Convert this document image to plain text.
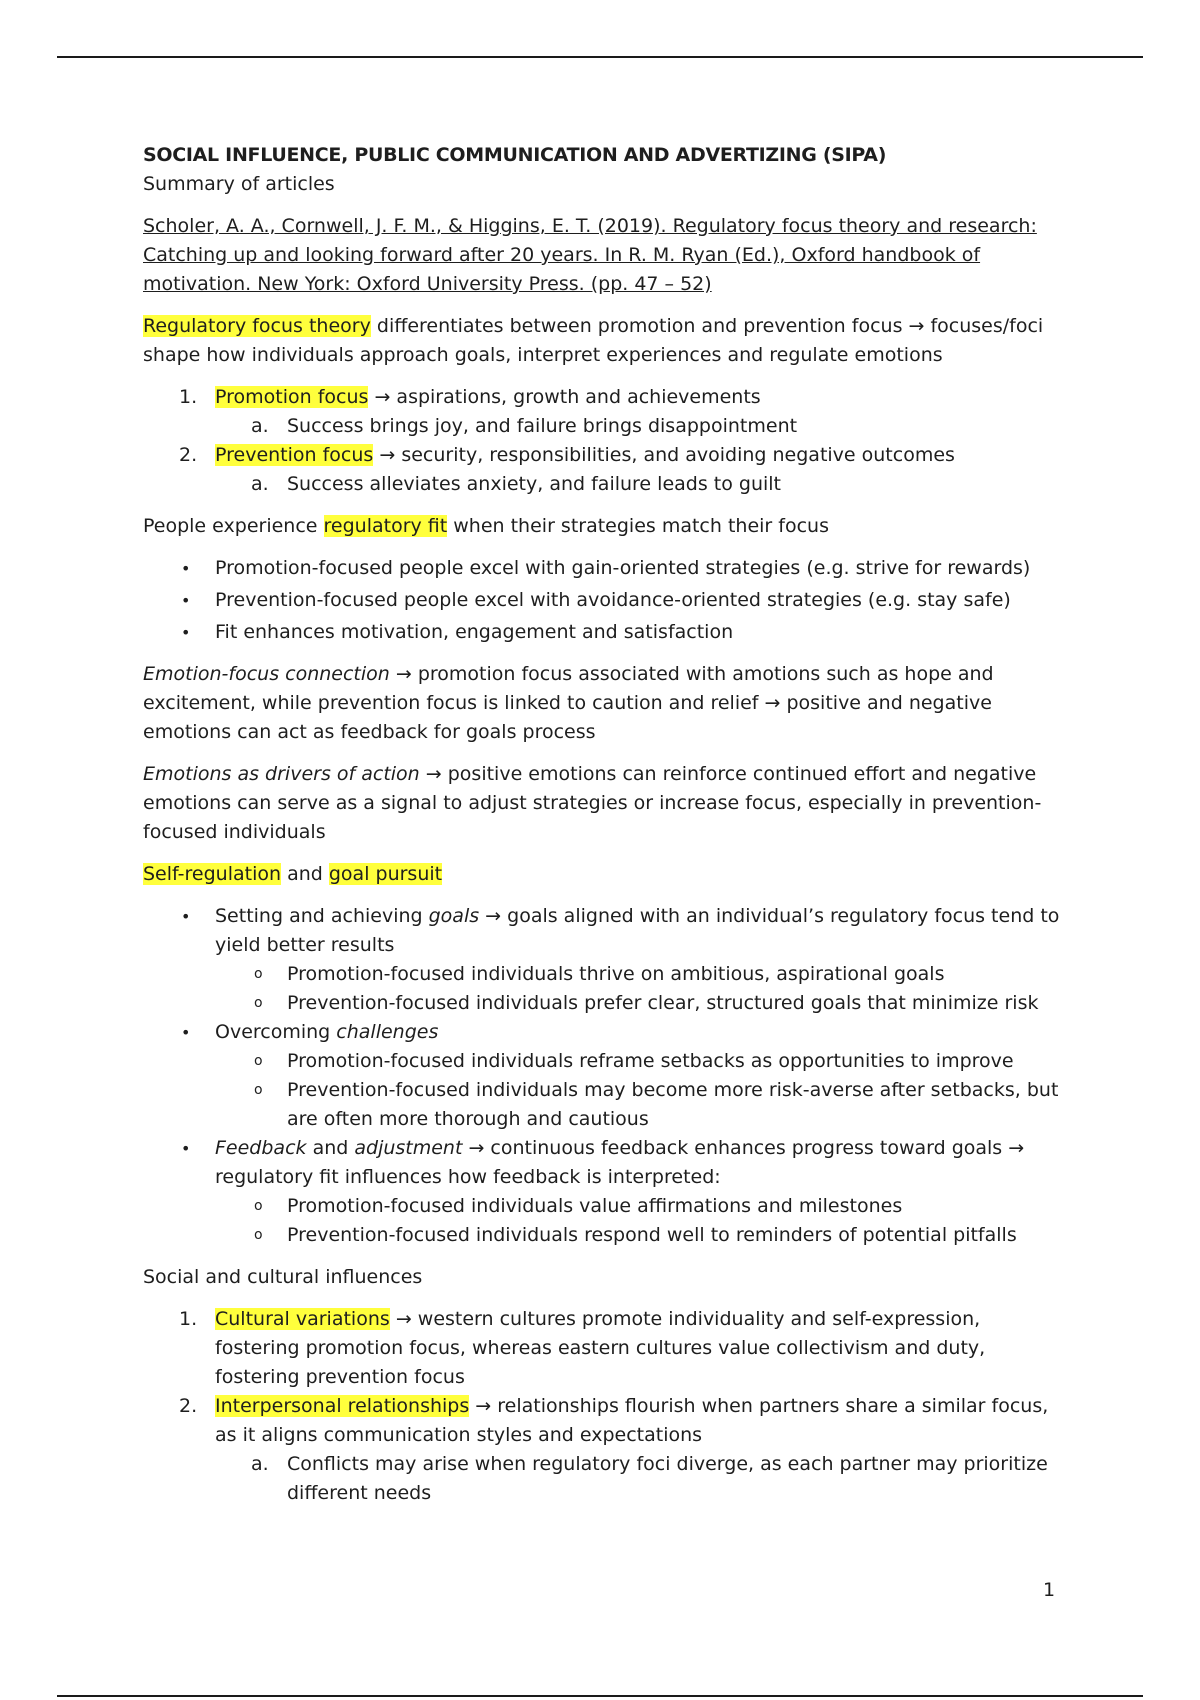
SOCIAL INFLUENCE, PUBLIC COMMUNICATION AND ADVERTIZING (SIPA)

Summary of articles

Scholer, A. A., Cornwell, J. F. M., & Higgins, E. T. (2019). Regulatory focus theory and research: Catching up and looking forward after 20 years. In R. M. Ryan (Ed.), Oxford handbook of motivation. New York: Oxford University Press. (pp. 47 – 52)

Regulatory focus theory differentiates between promotion and prevention focus → focuses/foci shape how individuals approach goals, interpret experiences and regulate emotions

1. Promotion focus → aspirations, growth and achievements
a. Success brings joy, and failure brings disappointment
2. Prevention focus → security, responsibilities, and avoiding negative outcomes
a. Success alleviates anxiety, and failure leads to guilt

People experience regulatory fit when their strategies match their focus

• Promotion-focused people excel with gain-oriented strategies (e.g. strive for rewards)
• Prevention-focused people excel with avoidance-oriented strategies (e.g. stay safe)
• Fit enhances motivation, engagement and satisfaction

Emotion-focus connection → promotion focus associated with amotions such as hope and excitement, while prevention focus is linked to caution and relief → positive and negative emotions can act as feedback for goals process

Emotions as drivers of action → positive emotions can reinforce continued effort and negative emotions can serve as a signal to adjust strategies or increase focus, especially in prevention-focused individuals

Self-regulation and goal pursuit

• Setting and achieving goals → goals aligned with an individual’s regulatory focus tend to yield better results
o Promotion-focused individuals thrive on ambitious, aspirational goals
o Prevention-focused individuals prefer clear, structured goals that minimize risk
• Overcoming challenges
o Promotion-focused individuals reframe setbacks as opportunities to improve
o Prevention-focused individuals may become more risk-averse after setbacks, but are often more thorough and cautious
• Feedback and adjustment → continuous feedback enhances progress toward goals → regulatory fit influences how feedback is interpreted:
o Promotion-focused individuals value affirmations and milestones
o Prevention-focused individuals respond well to reminders of potential pitfalls

Social and cultural influences

1. Cultural variations → western cultures promote individuality and self-expression, fostering promotion focus, whereas eastern cultures value collectivism and duty, fostering prevention focus
2. Interpersonal relationships → relationships flourish when partners share a similar focus, as it aligns communication styles and expectations
a. Conflicts may arise when regulatory foci diverge, as each partner may prioritize different needs
1
